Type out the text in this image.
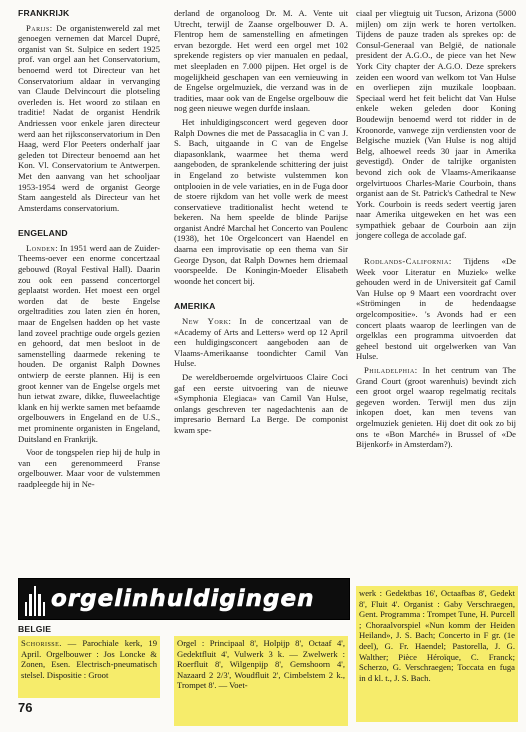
FRANKRIJK

Parijs: De organistenwereld zal met genoegen vernemen dat Marcel Dupré, organist van St. Sulpice en sedert 1925 prof. van orgel aan het Conservatorium, benoemd werd tot Directeur van het Conservatorium aldaar in vervanging van Claude Delvincourt die plotseling overleden is. Het woord zo stilaan en traditie! Nadat de organist Hendrik Andriessen voor enkele jaren directeur werd aan het rijksconservatorium in Den Haag, werd Flor Peeters onderhalf jaar geleden tot Directeur benoemd aan het Kon. Vl. Conservatorium te Antwerpen. Met den aanvang van het schooljaar 1953-1954 werd de organist George Stam aangesteld als Directeur van het Amsterdams conservatorium.

ENGELAND

Londen: In 1951 werd aan de Zuider-Theems-oever een enorme concertzaal gebouwd (Royal Festival Hall). Daarin zou ook een passend concertorgel geplaatst worden. Het moest een orgel worden dat de beste Engelse orgeltradities zou laten zien én horen, maar de Engelsen hadden op het vaste land zoveel prachtige oude orgels gezien en gehoord, dat men besloot in de samenstelling daarmede rekening te houden. De organist Ralph Downes ontwierp de eerste plannen. Hij is een groot kenner van de Engelse orgels met hun ietwat zware, dikke, fluweelachtige klank en hij werkte samen met befaamde orgelbouwers in Engeland en de U.S., met prominente organisten in Engeland, Duitsland en Frankrijk.

Voor de tongspelen riep hij de hulp in van een gerenommeerd Franse orgelbouwer. Maar voor de vulstemmen raadpleegde hij in Ne-

derland de organoloog Dr. M. A. Vente uit Utrecht, terwijl de Zaanse orgelbouwer D. A. Flentrop hem de samenstelling en afmetingen ervan bezorgde. Het werd een orgel met 102 sprekende registers op vier manualen en pedaal, met sleepladen en 7.000 pijpen. Het orgel is de mogelijkheid geschapen van een vernieuwing in de Engelse orgelmuziek, die verzand was in de tradities, maar ook van de Engelse orgelbouw die nog geen nieuwe wegen durfde inslaan.

Het inhuldigingsconcert werd gegeven door Ralph Downes die met de Passacaglia in C van J. S. Bach, uitgaande in C van de Engelse diapasonklank, waarmee het thema werd aangeboden, de sprankelende schittering der juist in Engeland zo betwiste vulstemmen kon ontplooien in de vele variaties, en in de Fuga door de stoere rijkdom van het volle werk de meest conservatieve traditionalist hecht wetend te bekeren. Na hem speelde de blinde Parijse organist André Marchal het Concerto van Poulenc (1938), het 10e Orgelconcert van Haendel en daarna een improvisatie op een thema van Sir George Dyson, dat Ralph Downes hem driemaal voorspeelde. De Koningin-Moeder Elisabeth woonde het concert bij.

AMERIKA

New York: In de concertzaal van de «Academy of Arts and Letters» werd op 12 April een huldigingsconcert aangeboden aan de Vlaams-Amerikaanse toondichter Camil Van Hulse.

De wereldberoemde orgelvirtuoos Claire Coci gaf een eerste uitvoering van de nieuwe «Symphonia Elegiaca» van Camil Van Hulse, onlangs geschreven ter nagedachtenis aan de impresario Bernard La Berge. De componist kwam spe-

ciaal per vliegtuig uit Tucson, Arizona (5000 mijlen) om zijn werk te horen vertolken. Tijdens de pauze traden als sprekes op: de Consul-Generaal van België, de nationale president der A.G.O., de piece van het New York City chapter der A.G.O. Deze sprekers zeiden een woord van welkom tot Van Hulse en overliepen zijn muzikale loopbaan. Speciaal werd het feit belicht dat Van Hulse enkele weken geleden door Koning Boudewijn benoemd werd tot ridder in de Kroonorde, vanwege zijn verdiensten voor de Belgische muziek (Van Hulse is nog altijd Belg, alhoewel reeds 30 jaar in Amerika gevestigd). Onder de talrijke organisten bevond zich ook de Vlaams-Amerikaanse orgelvirtuoos Charles-Marie Courboin, thans organist aan de St. Patrick's Cathedral te New York. Courboin is reeds sedert veertig jaren naar Amerika uitgeweken en het was een sympathiek gebaar de Courboin aan zijn jongere collega de accolade gaf.

Rodlands-California: Tijdens «De Week voor Literatur en Muziek» welke gehouden werd in de Universiteit gaf Camil Van Hulse op 9 Maart een voordracht over «Strömingen in de hedendaagse orgelcompositie». 's Avonds had er een concert plaats waarop de leerlingen van de orgelklas een programma uitvoerden dat geheel bestond uit orgelwerken van Van Hulse.

Philadelphia: In het centrum van The Grand Court (groot warenhuis) bevindt zich een groot orgel waarop regelmatig recitals gegeven worden. Terwijl men dus zijn inkopen doet, kan men tevens van orgelmuziek genieten. Hij doet dit ook zo bij ons te «Bon Marché» in Brussel of «De Bijenkorf» in Amsterdam?).

orgelinhuldigingen
BELGIE
Schorisse. — Parochiale kerk, 19 April. Orgelbouwer : Jos Loncke & Zonen, Esen. Electrisch-pneumatisch stelsel. Dispositie : Groot
Orgel : Principaal 8', Holpijp 8', Octaaf 4', Gedektfluit 4', Vulwerk 3 k. — Zwelwerk : Roerfluit 8', Wilgenpijp 8', Gemshoorn 4', Nazaard 2 2/3', Woudfluit 2', Cimbelstem 2 k., Trompet 8'. — Voet-
werk : Gedektbas 16', Octaafbas 8', Gedekt 8', Fluit 4'. Organist : Gaby Verschraegen, Gent. Programma : Trompet Tune, H. Purcell ; Choraalvorspiel «Nun komm der Heiden Heiland», J. S. Bach; Concerto in F gr. (1e deel), G. Fr. Haendel; Pastorella, J. G. Walther; Pièce Héroïque, C. Franck; Scherzo, G. Verschraegen; Toccata en fuga in d kl. t., J. S. Bach.
76
